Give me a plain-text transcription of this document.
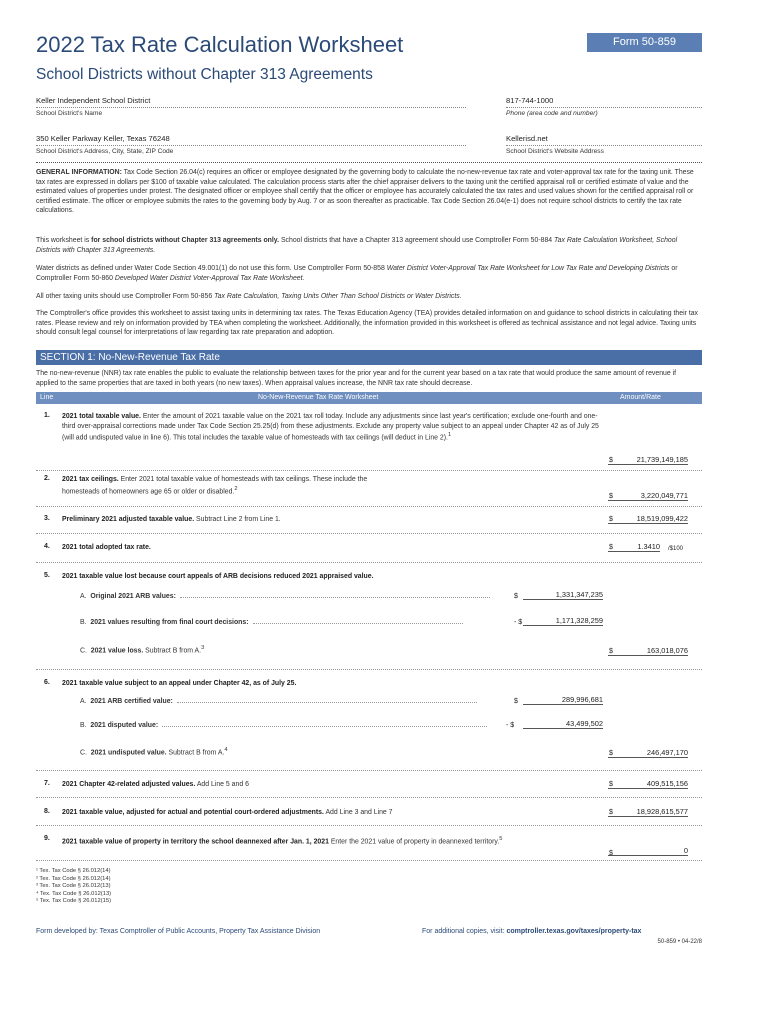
2022 Tax Rate Calculation Worksheet	Form 50-859
School Districts without Chapter 313 Agreements
Keller Independent School District
School District's Name
817-744-1000
Phone (area code and number)
350 Keller Parkway Keller, Texas 76248
School District's Address, City, State, ZIP Code
Kellerisd.net
School District's Website Address
GENERAL INFORMATION: Tax Code Section 26.04(c) requires an officer or employee designated by the governing body to calculate the no-new-revenue tax rate and voter-approval tax rate for the taxing unit. These tax rates are expressed in dollars per $100 of taxable value calculated. The calculation process starts after the chief appraiser delivers to the taxing unit the certified appraisal roll or certified estimate of value and the estimated values of properties under protest. The designated officer or employee shall certify that the officer or employee has accurately calculated the tax rates and used values shown for the certified appraisal roll or certified estimate. The officer or employee submits the rates to the governing body by Aug. 7 or as soon thereafter as practicable. Tax Code Section 26.04(e-1) does not require school districts to certify the tax rate calculations.
This worksheet is for school districts without Chapter 313 agreements only. School districts that have a Chapter 313 agreement should use Comptroller Form 50-884 Tax Rate Calculation Worksheet, School Districts with Chapter 313 Agreements.
Water districts as defined under Water Code Section 49.001(1) do not use this form. Use Comptroller Form 50-858 Water District Voter-Approval Tax Rate Worksheet for Low Tax Rate and Developing Districts or Comptroller Form 50-860 Developed Water District Voter-Approval Tax Rate Worksheet.
All other taxing units should use Comptroller Form 50-856 Tax Rate Calculation, Taxing Units Other Than School Districts or Water Districts.
The Comptroller's office provides this worksheet to assist taxing units in determining tax rates. The Texas Education Agency (TEA) provides detailed information on and guidance to school districts in calculating their tax rates. Please review and rely on information provided by TEA when completing the worksheet. Additionally, the information provided in this worksheet is offered as technical assistance and not legal advice. Taxing units should consult legal counsel for interpretations of law regarding tax rate preparation and adoption.
SECTION 1: No-New-Revenue Tax Rate
The no-new-revenue (NNR) tax rate enables the public to evaluate the relationship between taxes for the prior year and for the current year based on a tax rate that would produce the same amount of revenue if applied to the same properties that are taxed in both years (no new taxes). When appraisal values increase, the NNR tax rate should decrease.
Line	No-New-Revenue Tax Rate Worksheet	Amount/Rate
1. 2021 total taxable value. Enter the amount of 2021 taxable value on the 2021 tax roll today. Include any adjustments since last year's certification; exclude one-fourth and one-third over-appraisal corrections made under Tax Code Section 25.25(d) from these adjustments. Exclude any property value subject to an appeal under Chapter 42 as of July 25 (will add undisputed value in line 6). This total includes the taxable value of homesteads with tax ceilings (will deduct in Line 2).$^1$
$	21,739,149,185
2. 2021 tax ceilings. Enter 2021 total taxable value of homesteads with tax ceilings. These include the homesteads of homeowners age 65 or older or disabled.$^2$
$	3,220,049,771
3. Preliminary 2021 adjusted taxable value. Subtract Line 2 from Line 1.	$	18,519,099,422
4. 2021 total adopted tax rate.	$	1.3410 /$100
5. 2021 taxable value lost because court appeals of ARB decisions reduced 2021 appraised value.
A. Original 2021 ARB values:	$	1,331,347,235
B. 2021 values resulting from final court decisions:	- $	1,171,328,259
C. 2021 value loss. Subtract B from A.$^3$	$	163,018,076
6. 2021 taxable value subject to an appeal under Chapter 42, as of July 25.
A. 2021 ARB certified value:	$	289,996,681
B. 2021 disputed value:	- $	43,499,502
C. 2021 undisputed value. Subtract B from A.$^4$	$	246,497,170
7. 2021 Chapter 42-related adjusted values. Add Line 5 and 6	$	409,515,156
8. 2021 taxable value, adjusted for actual and potential court-ordered adjustments. Add Line 3 and Line 7	$	18,928,615,577
9. 2021 taxable value of property in territory the school deannexed after Jan. 1, 2021 Enter the 2021 value of property in deannexed territory.$^5$
$	0
¹ Tex. Tax Code § 26.012(14)
² Tex. Tax Code § 26.012(14)
³ Tex. Tax Code § 26.012(13)
⁴ Tex. Tax Code § 26.012(13)
⁵ Tex. Tax Code § 26.012(15)
Form developed by: Texas Comptroller of Public Accounts, Property Tax Assistance Division	For additional copies, visit: comptroller.texas.gov/taxes/property-tax
50-859 • 04-22/8
